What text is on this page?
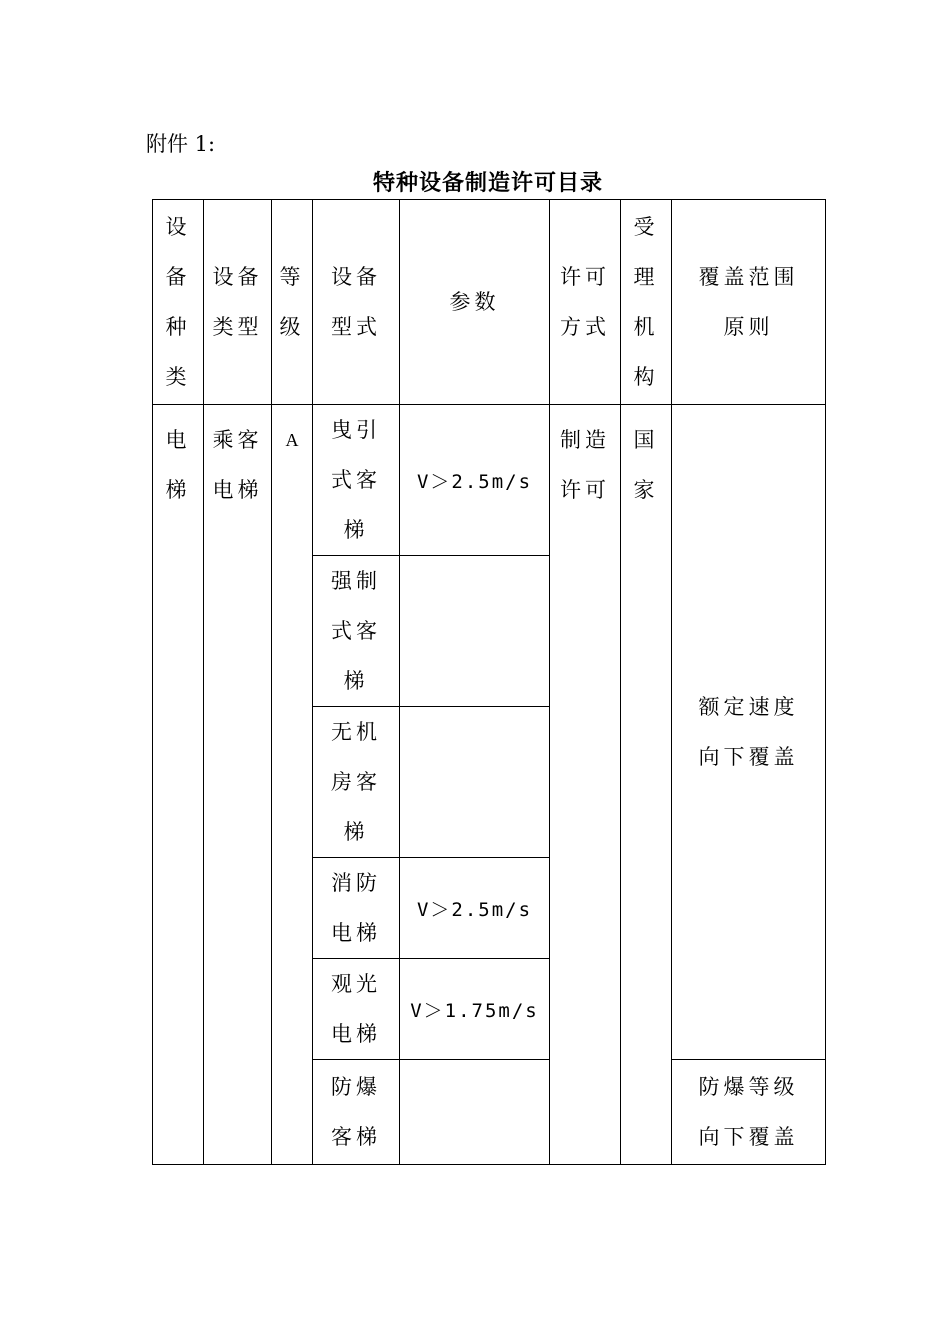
附件 1:
特种设备制造许可目录
设备种类	设备类型	等级	设备型式	参数	许可方式	受理机构	覆盖范围原则

电梯	乘客电梯	A	曳引式客梯	V＞2.5m/s	制造许可	国家	额定速度向下覆盖

			强制式客梯				

			无机房客梯				

			消防电梯	V＞2.5m/s			

			观光电梯	V＞1.75m/s			

			防爆客梯				防爆等级向下覆盖
